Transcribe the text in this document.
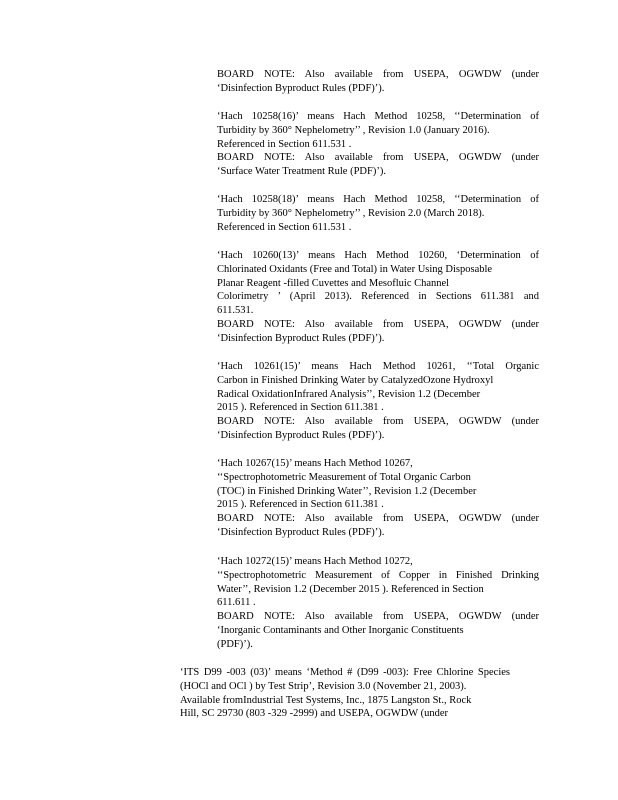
BOARD NOTE: Also available from USEPA, OGWDW (under
‘Disinfection Byproduct Rules (PDF)’).
‘Hach 10258(16)’ means Hach Method 10258, ‘‘Determination of
Turbidity by 360° Nephelometry’’ , Revision 1.0 (January 2016).
Referenced in Section 611.531 .
BOARD NOTE: Also available from USEPA, OGWDW (under
‘Surface Water Treatment Rule (PDF)’).
‘Hach 10258(18)’ means Hach Method 10258, ‘‘Determination of
Turbidity by 360° Nephelometry’’ , Revision 2.0 (March 2018).
Referenced in Section 611.531 .
‘Hach 10260(13)’ means Hach Method 10260, ‘Determination of
Chlorinated Oxidants (Free and Total) in Water Using Disposable
Planar Reagent -filled Cuvettes and Mesofluic Channel
Colorimetry ’ (April 2013). Referenced in Sections 611.381 and
611.531.
BOARD NOTE: Also available from USEPA, OGWDW (under
‘Disinfection Byproduct Rules (PDF)’).
‘Hach 10261(15)’ means Hach Method 10261, ‘‘Total Organic
Carbon in Finished Drinking Water by CatalyzedOzone Hydroxyl
Radical OxidationInfrared Analysis’’, Revision 1.2 (December
2015 ). Referenced in Section 611.381 .
BOARD NOTE: Also available from USEPA, OGWDW (under
‘Disinfection Byproduct Rules (PDF)’).
‘Hach 10267(15)’ means Hach Method 10267,
‘‘Spectrophotometric Measurement of Total Organic Carbon
(TOC) in Finished Drinking Water’’, Revision 1.2 (December
2015 ). Referenced in Section 611.381 .
BOARD NOTE: Also available from USEPA, OGWDW (under
‘Disinfection Byproduct Rules (PDF)’).
‘Hach 10272(15)’ means Hach Method 10272,
‘‘Spectrophotometric Measurement of Copper in Finished Drinking
Water’’, Revision 1.2 (December 2015 ). Referenced in Section
611.611 .
BOARD NOTE: Also available from USEPA, OGWDW (under
‘Inorganic Contaminants and Other Inorganic Constituents
(PDF)’).
‘ITS D99 -003 (03)’ means ‘Method # (D99 -003): Free Chlorine Species
(HOCl and OCl ) by Test Strip’, Revision 3.0 (November 21, 2003).
Available fromIndustrial Test Systems, Inc., 1875 Langston St., Rock
Hill, SC 29730 (803 -329 -2999) and USEPA, OGWDW (under
